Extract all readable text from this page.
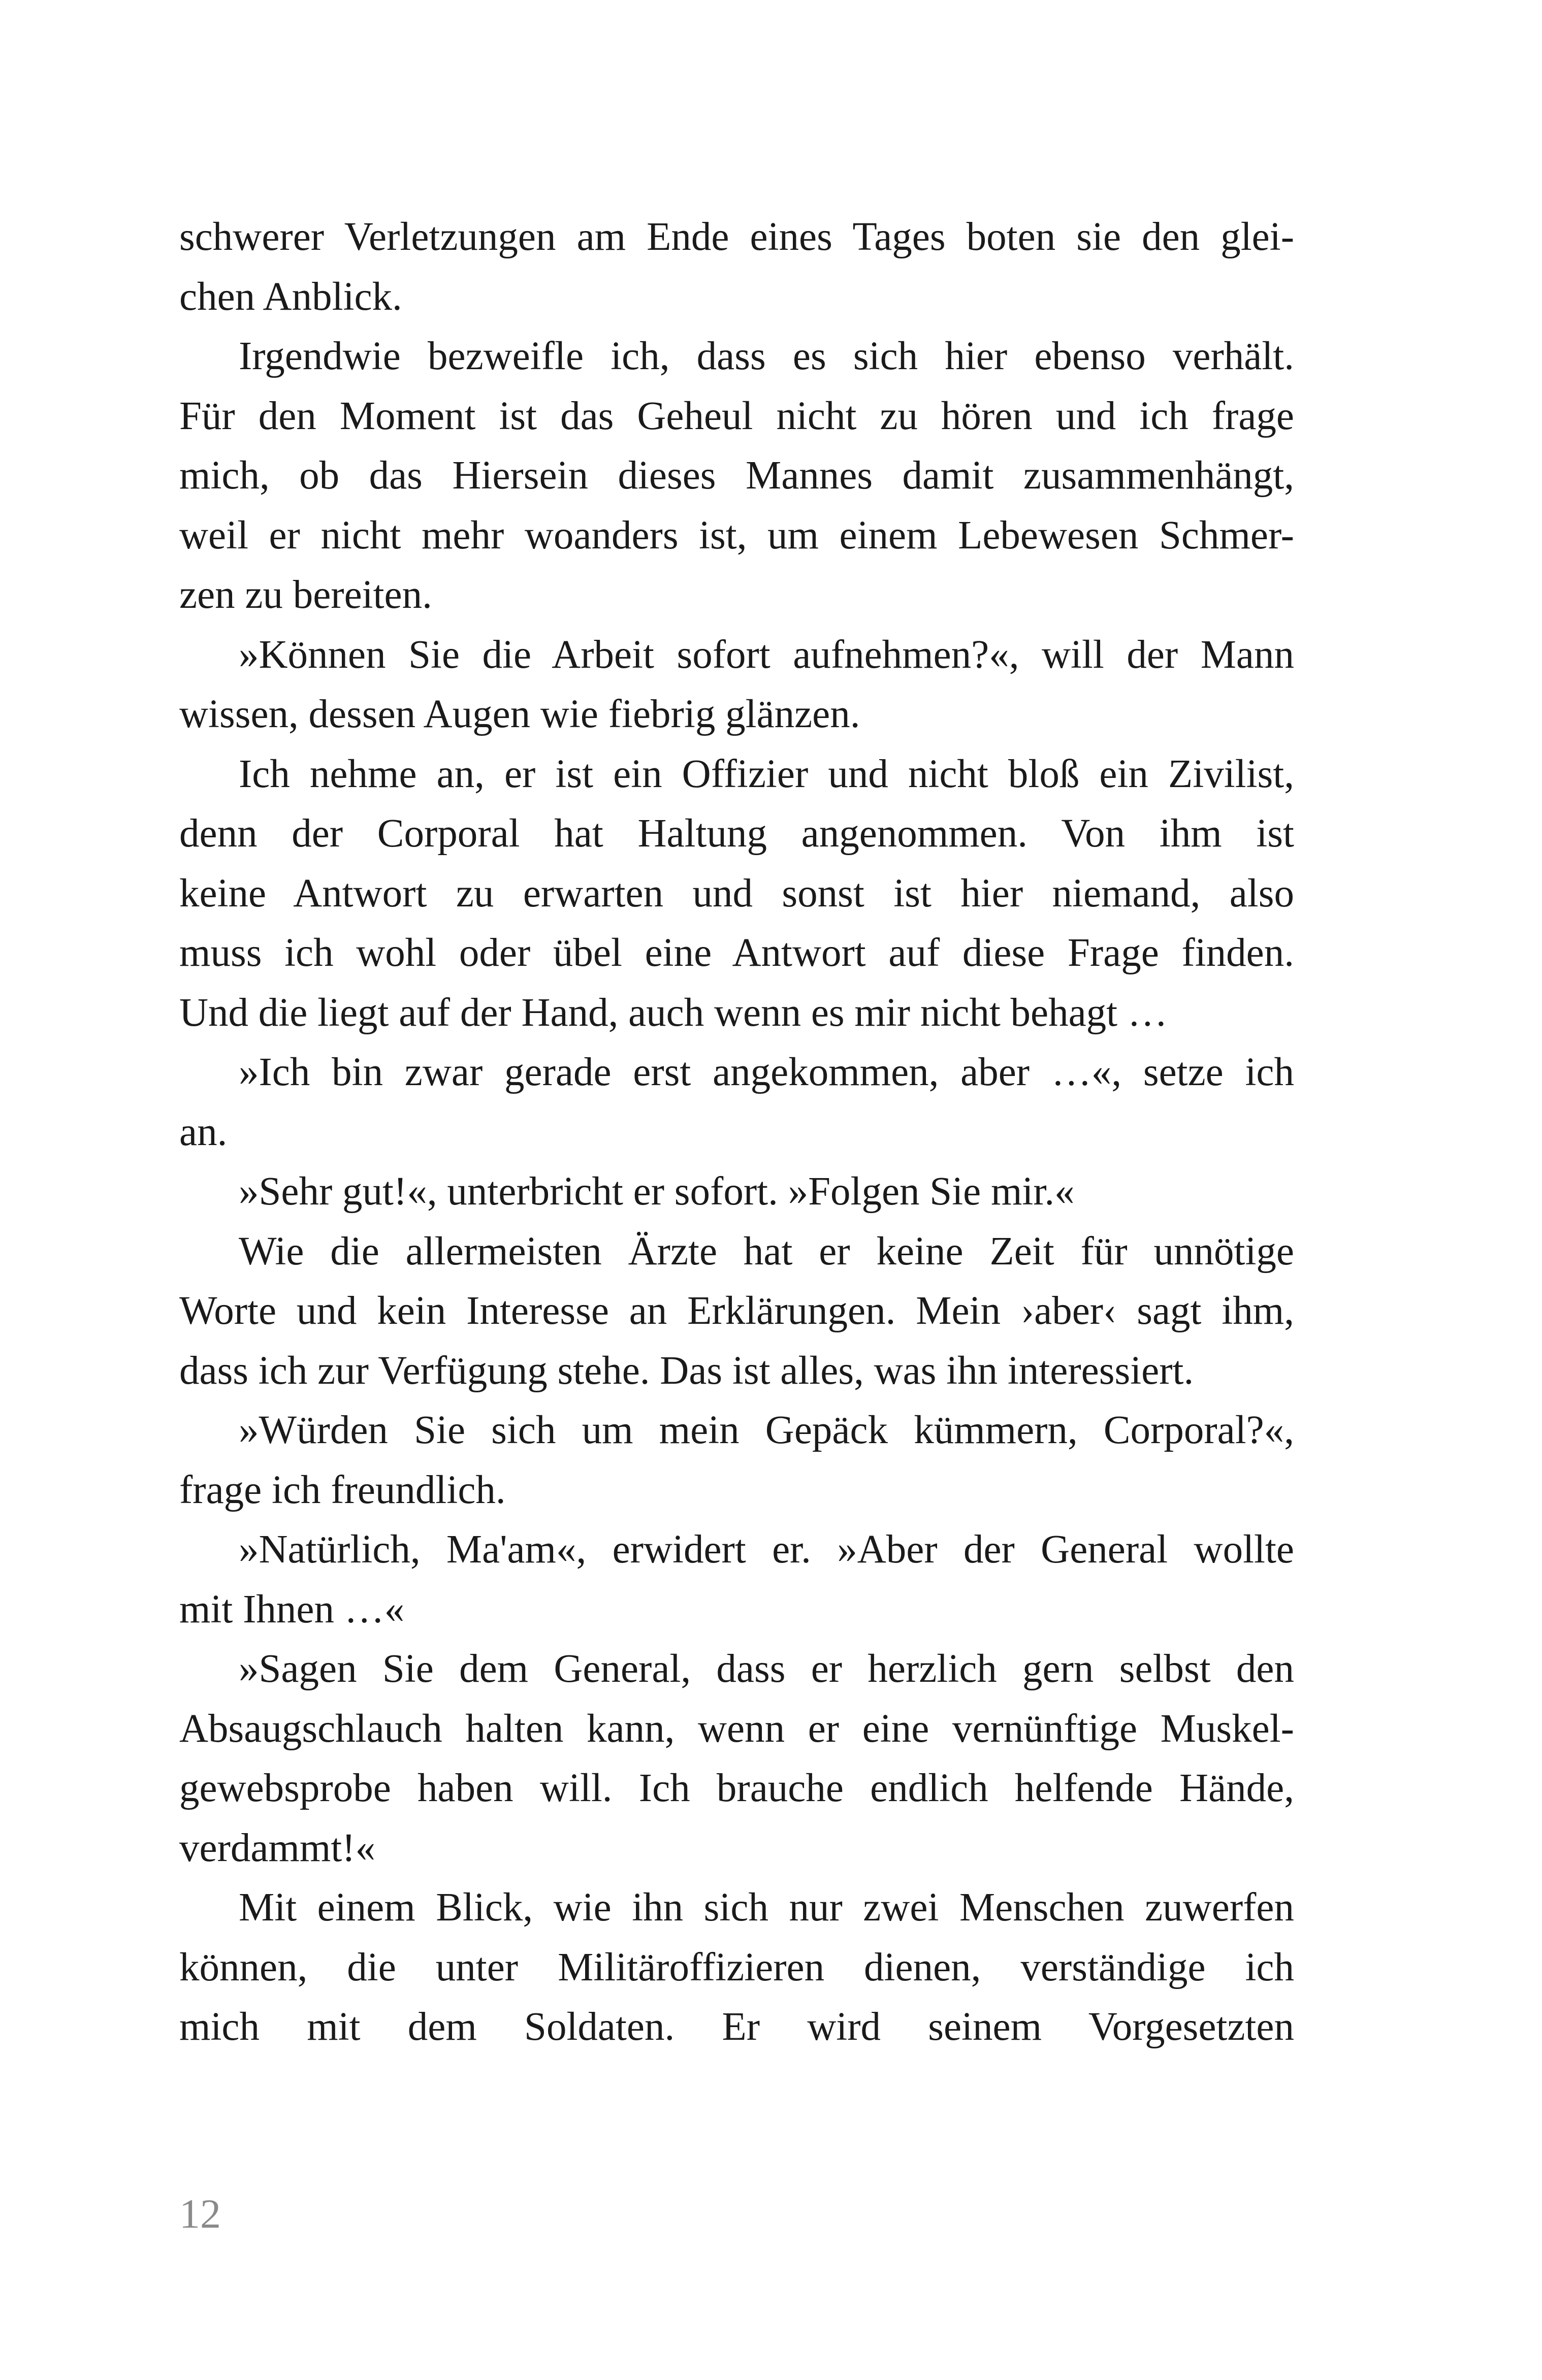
schwerer Verletzungen am Ende eines Tages boten sie den glei-
chen Anblick.
Irgendwie bezweifle ich, dass es sich hier ebenso verhält.
Für den Moment ist das Geheul nicht zu hören und ich frage
mich, ob das Hiersein dieses Mannes damit zusammenhängt,
weil er nicht mehr woanders ist, um einem Lebewesen Schmer-
zen zu bereiten.
»Können Sie die Arbeit sofort aufnehmen?«, will der Mann
wissen, dessen Augen wie fiebrig glänzen.
Ich nehme an, er ist ein Offizier und nicht bloß ein Zivilist,
denn der Corporal hat Haltung angenommen. Von ihm ist
keine Antwort zu erwarten und sonst ist hier niemand, also
muss ich wohl oder übel eine Antwort auf diese Frage finden.
Und die liegt auf der Hand, auch wenn es mir nicht behagt …
»Ich bin zwar gerade erst angekommen, aber …«, setze ich
an.
»Sehr gut!«, unterbricht er sofort. »Folgen Sie mir.«
Wie die allermeisten Ärzte hat er keine Zeit für unnötige
Worte und kein Interesse an Erklärungen. Mein ›aber‹ sagt ihm,
dass ich zur Verfügung stehe. Das ist alles, was ihn interessiert.
»Würden Sie sich um mein Gepäck kümmern, Corporal?«,
frage ich freundlich.
»Natürlich, Ma'am«, erwidert er. »Aber der General wollte
mit Ihnen …«
»Sagen Sie dem General, dass er herzlich gern selbst den
Absaugschlauch halten kann, wenn er eine vernünftige Muskel-
gewebsprobe haben will. Ich brauche endlich helfende Hände,
verdammt!«
Mit einem Blick, wie ihn sich nur zwei Menschen zuwerfen
können, die unter Militäroffizieren dienen, verständige ich
mich mit dem Soldaten. Er wird seinem Vorgesetzten
12
